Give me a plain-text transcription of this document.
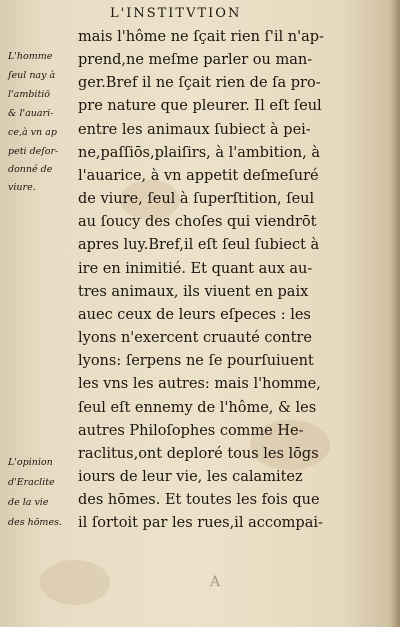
L'INSTITVTION
L'homme
ſeul nay à
l'ambitiō
& l'auari-
ce,à vn ap
peti deſor-
donné de
viure.
L'opinion
d'Eraclite
de la vie
des hōmes.
mais l'hôme ne ſçait rien ſ'il n'ap-
prend,ne meſme parler ou man-
ger.Bref il ne ſçait rien de ſa pro-
pre nature que pleurer. Il eſt ſeul
entre les animaux ſubiect à pei-
ne,paſſiōs,plaiſirs, à l'ambition, à
l'auarice, à vn appetit deſmeſuré
de viure, ſeul à ſuperſtition, ſeul
au ſoucy des choſes qui viendrōt
apres luy.Bref,il eſt ſeul ſubiect à
ire en inimitié. Et quant aux au-
tres animaux, ils viuent en paix
auec ceux de leurs eſpeces : les
lyons n'exercent cruauté contre
lyons: ſerpens ne ſe pourſuiuent
les vns les autres: mais l'homme,
ſeul eſt ennemy de l'hôme, & les
autres Philoſophes comme He-
raclitus,ont deploré tous les lōgs
iours de leur vie, les calamitez
des hōmes. Et toutes les fois que
il ſortoit par les rues,il accompai-
A
